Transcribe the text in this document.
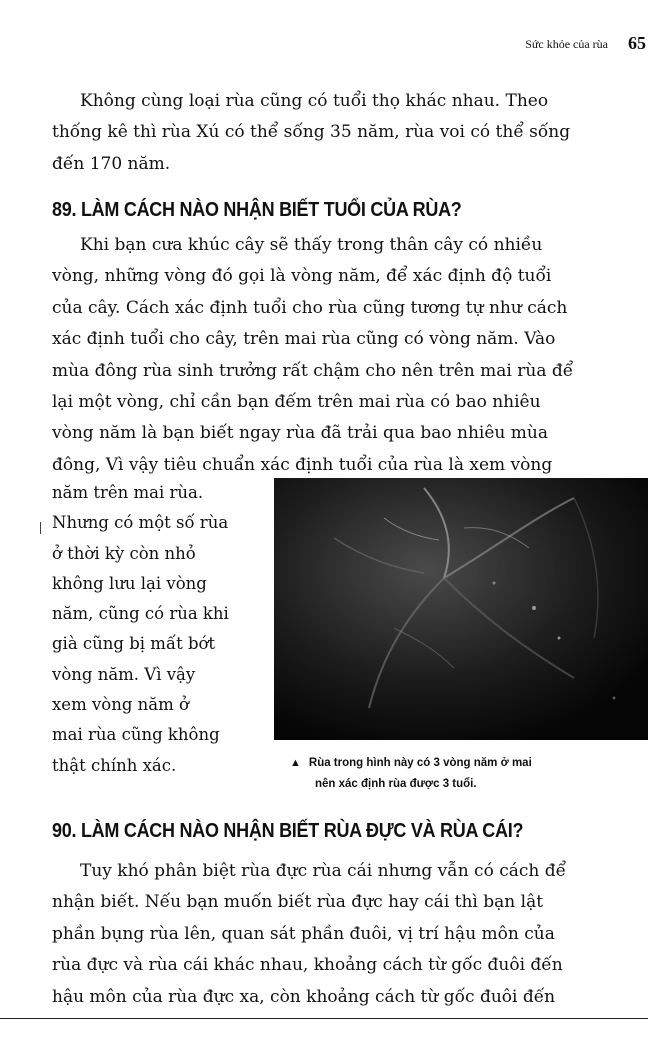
Sức khỏe của rùa 65

Không cùng loại rùa cũng có tuổi thọ khác nhau. Theo
thống kê thì rùa Xú có thể sống 35 năm, rùa voi có thể sống
đến 170 năm.

89. LÀM CÁCH NÀO NHẬN BIẾT TUỔI CỦA RÙA?

Khi bạn cưa khúc cây sẽ thấy trong thân cây có nhiều
vòng, những vòng đó gọi là vòng năm, để xác định độ tuổi
của cây. Cách xác định tuổi cho rùa cũng tương tự như cách
xác định tuổi cho cây, trên mai rùa cũng có vòng năm. Vào
mùa đông rùa sinh trưởng rất chậm cho nên trên mai rùa để
lại một vòng, chỉ cần bạn đếm trên mai rùa có bao nhiêu
vòng năm là bạn biết ngay rùa đã trải qua bao nhiêu mùa
đông, Vì vậy tiêu chuẩn xác định tuổi của rùa là xem vòng

năm trên mai rùa.
Nhưng có một số rùa
ở thời kỳ còn nhỏ
không lưu lại vòng
năm, cũng có rùa khi
già cũng bị mất bớt
vòng năm. Vì vậy
xem vòng năm ở
mai rùa cũng không
thật chính xác.	▲ Rùa trong hình này có 3 vòng năm ở mai
nên xác định rùa được 3 tuổi.
90. LÀM CÁCH NÀO NHẬN BIẾT RÙA ĐỰC VÀ RÙA CÁI?

Tuy khó phân biệt rùa đực rùa cái nhưng vẫn có cách để
nhận biết. Nếu bạn muốn biết rùa đực hay cái thì bạn lật
phần bụng rùa lên, quan sát phần đuôi, vị trí hậu môn của
rùa đực và rùa cái khác nhau, khoảng cách từ gốc đuôi đến
hậu môn của rùa đực xa, còn khoảng cách từ gốc đuôi đến
